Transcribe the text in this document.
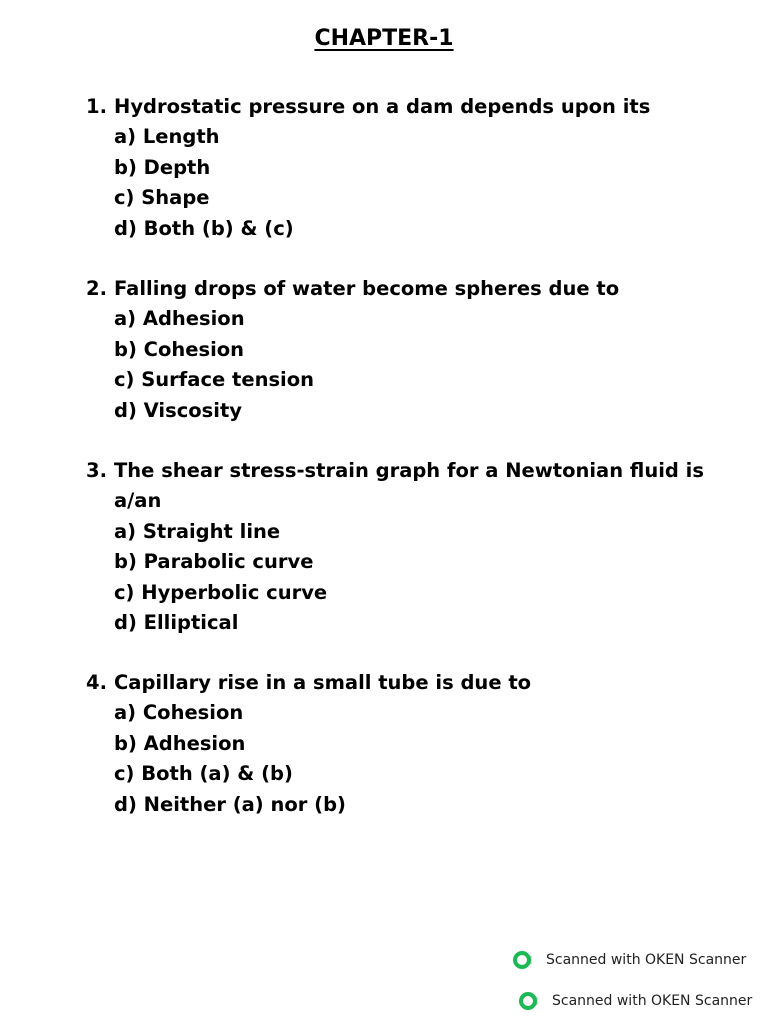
CHAPTER-1
1. Hydrostatic pressure on a dam depends upon its
a) Length
b) Depth
c) Shape
d) Both (b) & (c)
2. Falling drops of water become spheres due to
a) Adhesion
b) Cohesion
c) Surface tension
d) Viscosity
3. The shear stress-strain graph for a Newtonian fluid is a/an
a) Straight line
b) Parabolic curve
c) Hyperbolic curve
d) Elliptical
4. Capillary rise in a small tube is due to
a) Cohesion
b) Adhesion
c) Both (a) & (b)
d) Neither (a) nor (b)
Scanned with OKEN Scanner
Scanned with OKEN Scanner
